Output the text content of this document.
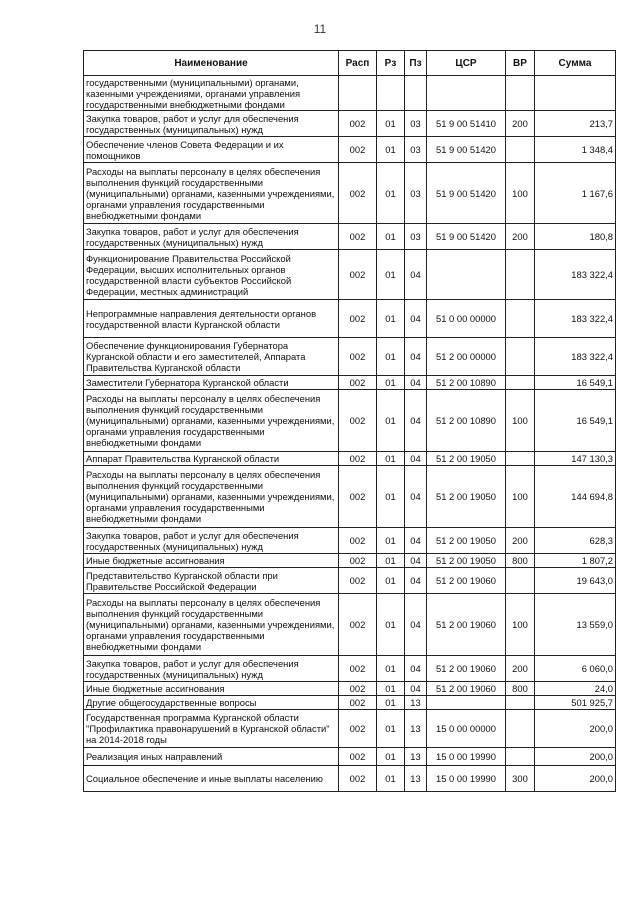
11
Наименование	Расп	Рз	Пз	ЦСР	ВР	Сумма
государственными (муниципальными) органами, казенными учреждениями, органами управления государственными внебюджетными фондами						
Закупка товаров, работ и услуг для обеспечения государственных (муниципальных) нужд	002	01	03	51 9 00 51410	200	213,7
Обеспечение членов Совета Федерации и их помощников	002	01	03	51 9 00 51420		1 348,4
Расходы на выплаты персоналу в целях обеспечения выполнения функций государственными (муниципальными) органами, казенными учреждениями, органами управления государственными внебюджетными фондами	002	01	03	51 9 00 51420	100	1 167,6
Закупка товаров, работ и услуг для обеспечения государственных (муниципальных) нужд	002	01	03	51 9 00 51420	200	180,8
Функционирование Правительства Российской Федерации, высших исполнительных органов государственной власти субъектов Российской Федерации, местных администраций	002	01	04			183 322,4
Непрограммные направления деятельности органов государственной власти Курганской области	002	01	04	51 0 00 00000		183 322,4
Обеспечение функционирования Губернатора Курганской области и его заместителей, Аппарата Правительства Курганской области	002	01	04	51 2 00 00000		183 322,4
Заместители Губернатора Курганской области	002	01	04	51 2 00 10890		16 549,1
Расходы на выплаты персоналу в целях обеспечения выполнения функций государственными (муниципальными) органами, казенными учреждениями, органами управления государственными внебюджетными фондами	002	01	04	51 2 00 10890	100	16 549,1
Аппарат Правительства Курганской области	002	01	04	51 2 00 19050		147 130,3
Расходы на выплаты персоналу в целях обеспечения выполнения функций государственными (муниципальными) органами, казенными учреждениями, органами управления государственными внебюджетными фондами	002	01	04	51 2 00 19050	100	144 694,8
Закупка товаров, работ и услуг для обеспечения государственных (муниципальных) нужд	002	01	04	51 2 00 19050	200	628,3
Иные бюджетные ассигнования	002	01	04	51 2 00 19050	800	1 807,2
Представительство Курганской области при Правительстве Российской Федерации	002	01	04	51 2 00 19060		19 643,0
Расходы на выплаты персоналу в целях обеспечения выполнения функций государственными (муниципальными) органами, казенными учреждениями, органами управления государственными внебюджетными фондами	002	01	04	51 2 00 19060	100	13 559,0
Закупка товаров, работ и услуг для обеспечения государственных (муниципальных) нужд	002	01	04	51 2 00 19060	200	6 060,0
Иные бюджетные ассигнования	002	01	04	51 2 00 19060	800	24,0
Другие общегосударственные вопросы	002	01	13			501 925,7
Государственная программа Курганской области "Профилактика правонарушений в Курганской области" на 2014-2018 годы	002	01	13	15 0 00 00000		200,0
Реализация иных направлений	002	01	13	15 0 00 19990		200,0
Социальное обеспечение и иные выплаты населению	002	01	13	15 0 00 19990	300	200,0
